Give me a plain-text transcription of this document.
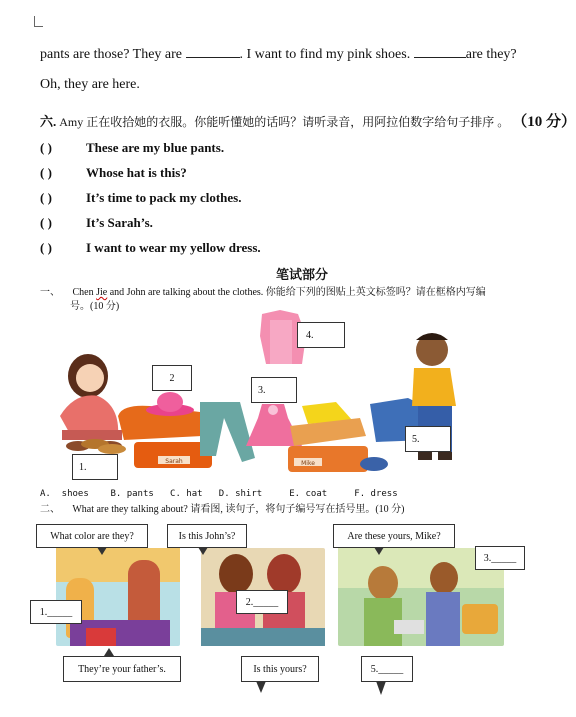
pants are those? They are	. I want to find my pink shoes.	are they?
Oh, they are here.
六. Amy 正在收拾她的衣服。你能听懂她的话吗？请听录音，用阿拉伯数字给句子排序 。 （10 分）
( )	These are my blue pants.
( )	Whose hat is this?
( )	It’s time to pack my clothes.
( )	It’s Sarah’s.
( )	I want to wear my yellow dress.
笔试部分
一、 Chen Jie and John are talking about the clothes. 你能给下列的图贴上英文标签吗？请在框格内写编
号。(10 分)
Sarah	Mike
1.
2
3.
4.
5.
A.  shoes    B. pants   C. hat   D. shirt     E. coat     F. dress
二、 What are they talking about? 请看图, 读句子，将句子编号写在括号里。(10 分)
What color are they?	Is this John’s?	Are these yours, Mike?
1._____
2._____
3._____
They’re your father’s.	Is this yours?	5._____
